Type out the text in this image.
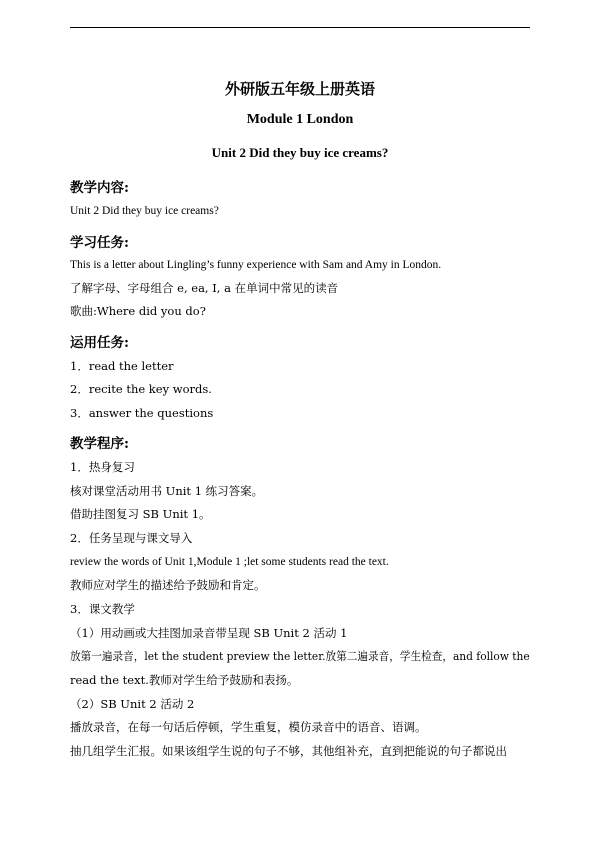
外研版五年级上册英语
Module 1 London
Unit 2 Did they buy ice creams?
教学内容:
Unit 2 Did they buy ice creams?
学习任务:
This is a letter about Lingling’s funny experience with Sam and Amy in London.
了解字母、字母组合 e, ea, I, a 在单词中常见的读音
歌曲:Where did you do?
运用任务:
1．read the letter
2．recite the key words.
3．answer the questions
教学程序:
1．热身复习
核对课堂活动用书 Unit 1 练习答案。
借助挂图复习 SB Unit 1。
2．任务呈现与课文导入
review the words of Unit 1,Module 1 ;let some students read the text.
教师应对学生的描述给予鼓励和肯定。
3．课文教学
（1）用动画或大挂图加录音带呈现 SB Unit 2 活动 1
放第一遍录音，let the student preview the letter.放第二遍录音，学生检查，and follow the
read the text.教师对学生给予鼓励和表扬。
（2）SB Unit 2 活动 2
播放录音，在每一句话后停顿，学生重复，模仿录音中的语音、语调。
抽几组学生汇报。如果该组学生说的句子不够，其他组补充，直到把能说的句子都说出
